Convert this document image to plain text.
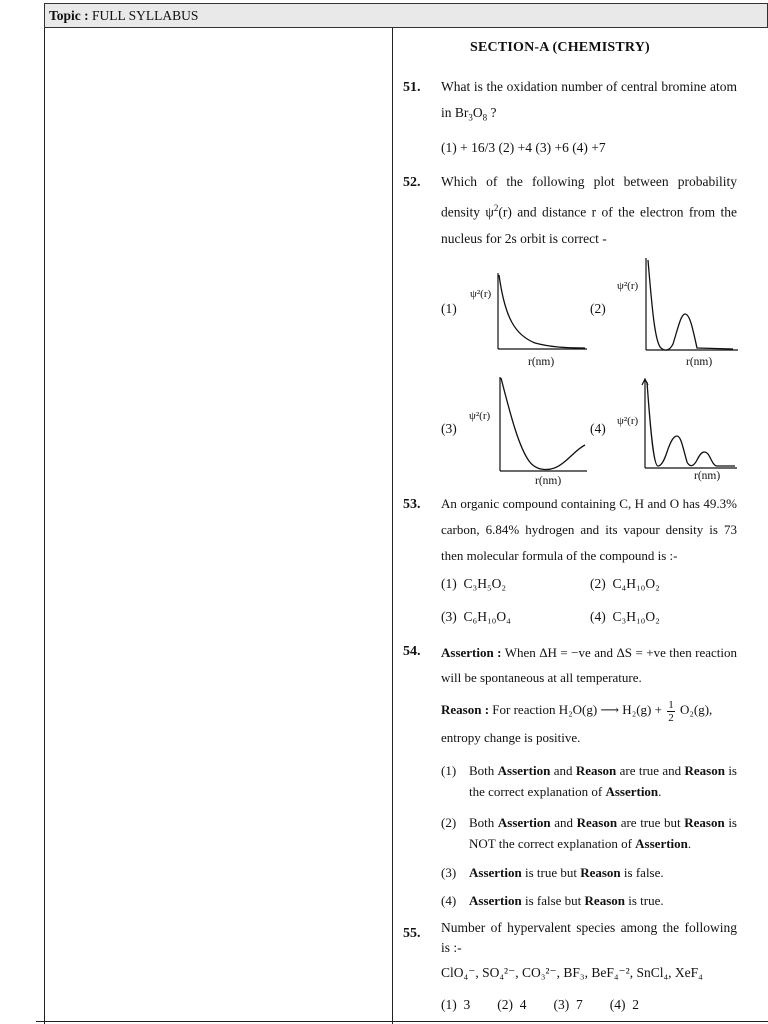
Topic : FULL SYLLABUS
SECTION-A (CHEMISTRY)
51. What is the oxidation number of central bromine atom in $Br_3O_8$ ?
(1) + 16/3 (2) +4 (3) +6 (4) +7
52. Which of the following plot between probability density $\psi^2(r)$ and distance r of the electron from the nucleus for 2s orbit is correct -
(1)
ψ²(r)
r(nm)
(2)
ψ²(r)
r(nm)
(3)
ψ²(r)
r(nm)
(4) ψ²(r)
r(nm)
53. An organic compound containing C, H and O has 49.3% carbon, 6.84% hydrogen and its vapour density is 73 then molecular formula of the compound is :-
(1) C₃H₅O₂	(2) C₄H₁₀O₂
(3) C₆H₁₀O₄	(4) C₃H₁₀O₂
54. Assertion : When ΔH = −ve and ΔS = +ve then reaction will be spontaneous at all temperature.
Reason : For reaction H₂O(g) ⟶ $H_2(g) + \frac{1}{2} O_2(g)$,
entropy change is positive.
(1) Both Assertion and Reason are true and Reason is the correct explanation of Assertion.
(2) Both Assertion and Reason are true but Reason is NOT the correct explanation of Assertion.
(3) Assertion is true but Reason is false.
(4) Assertion is false but Reason is true.
55. Number of hypervalent species among the following is :-
ClO₄⁻, SO₄²⁻, CO₃²⁻, BF₃, BeF₄⁻², SnCl₄, XeF₄
(1)  3        (2)  4        (3)  7        (4)  2
